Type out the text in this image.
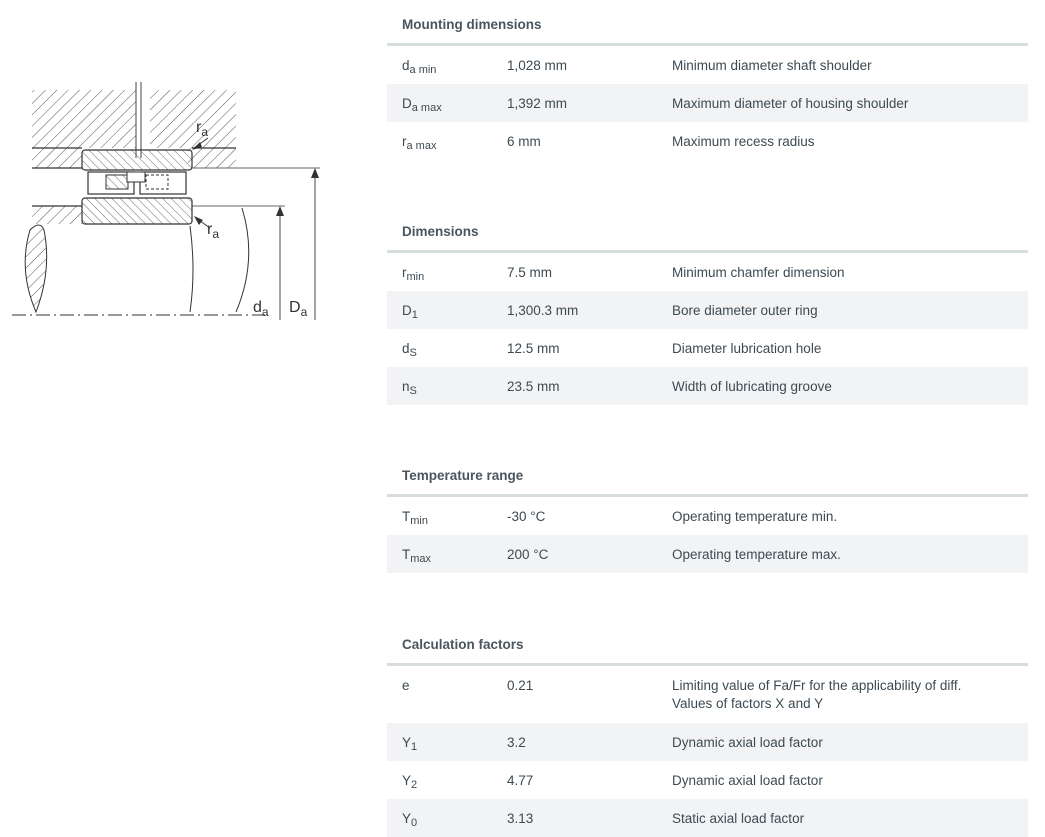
$r_a$
$r_a$
$d_a$ $D_a$
Mounting dimensions
$d_{a min}$	1,028 mm	Minimum diameter shaft shoulder
$D_{a max}$	1,392 mm	Maximum diameter of housing shoulder
$r_{a max}$	6 mm	Maximum recess radius
Dimensions
$r_{min}$	7.5 mm	Minimum chamfer dimension
$D_1$	1,300.3 mm	Bore diameter outer ring
$d_S$	12.5 mm	Diameter lubrication hole
$n_S$	23.5 mm	Width of lubricating groove
Temperature range
$T_{min}$	-30 °C	Operating temperature min.
$T_{max}$	200 °C	Operating temperature max.
Calculation factors
e	0.21	Limiting value of Fa/Fr for the applicability of diff.
Values of factors X and Y
$Y_1$	3.2	Dynamic axial load factor
$Y_2$	4.77	Dynamic axial load factor
$Y_0$	3.13	Static axial load factor
